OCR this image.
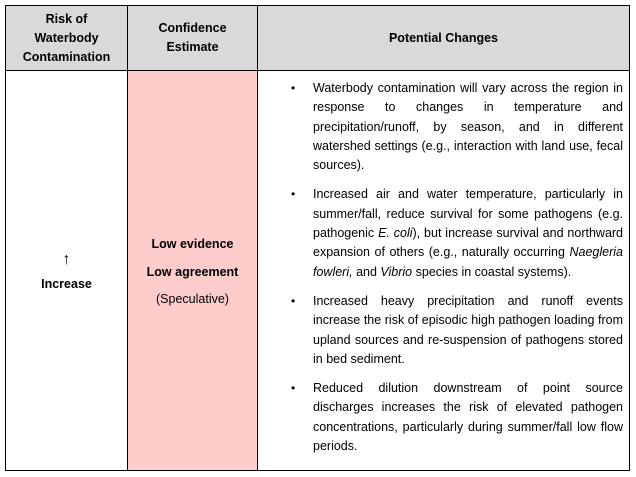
Risk of Waterbody Contamination
Confidence Estimate
Potential Changes
↑
Increase
Low evidence
Low agreement
(Speculative)
• Waterbody contamination will vary across the region in response to changes in temperature and precipitation/runoff, by season, and in different watershed settings (e.g., interaction with land use, fecal sources).
• Increased air and water temperature, particularly in summer/fall, reduce survival for some pathogens (e.g. pathogenic E. coli), but increase survival and northward expansion of others (e.g., naturally occurring Naegleria fowleri, and Vibrio species in coastal systems).
• Increased heavy precipitation and runoff events increase the risk of episodic high pathogen loading from upland sources and re-suspension of pathogens stored in bed sediment.
• Reduced dilution downstream of point source discharges increases the risk of elevated pathogen concentrations, particularly during summer/fall low flow periods.
